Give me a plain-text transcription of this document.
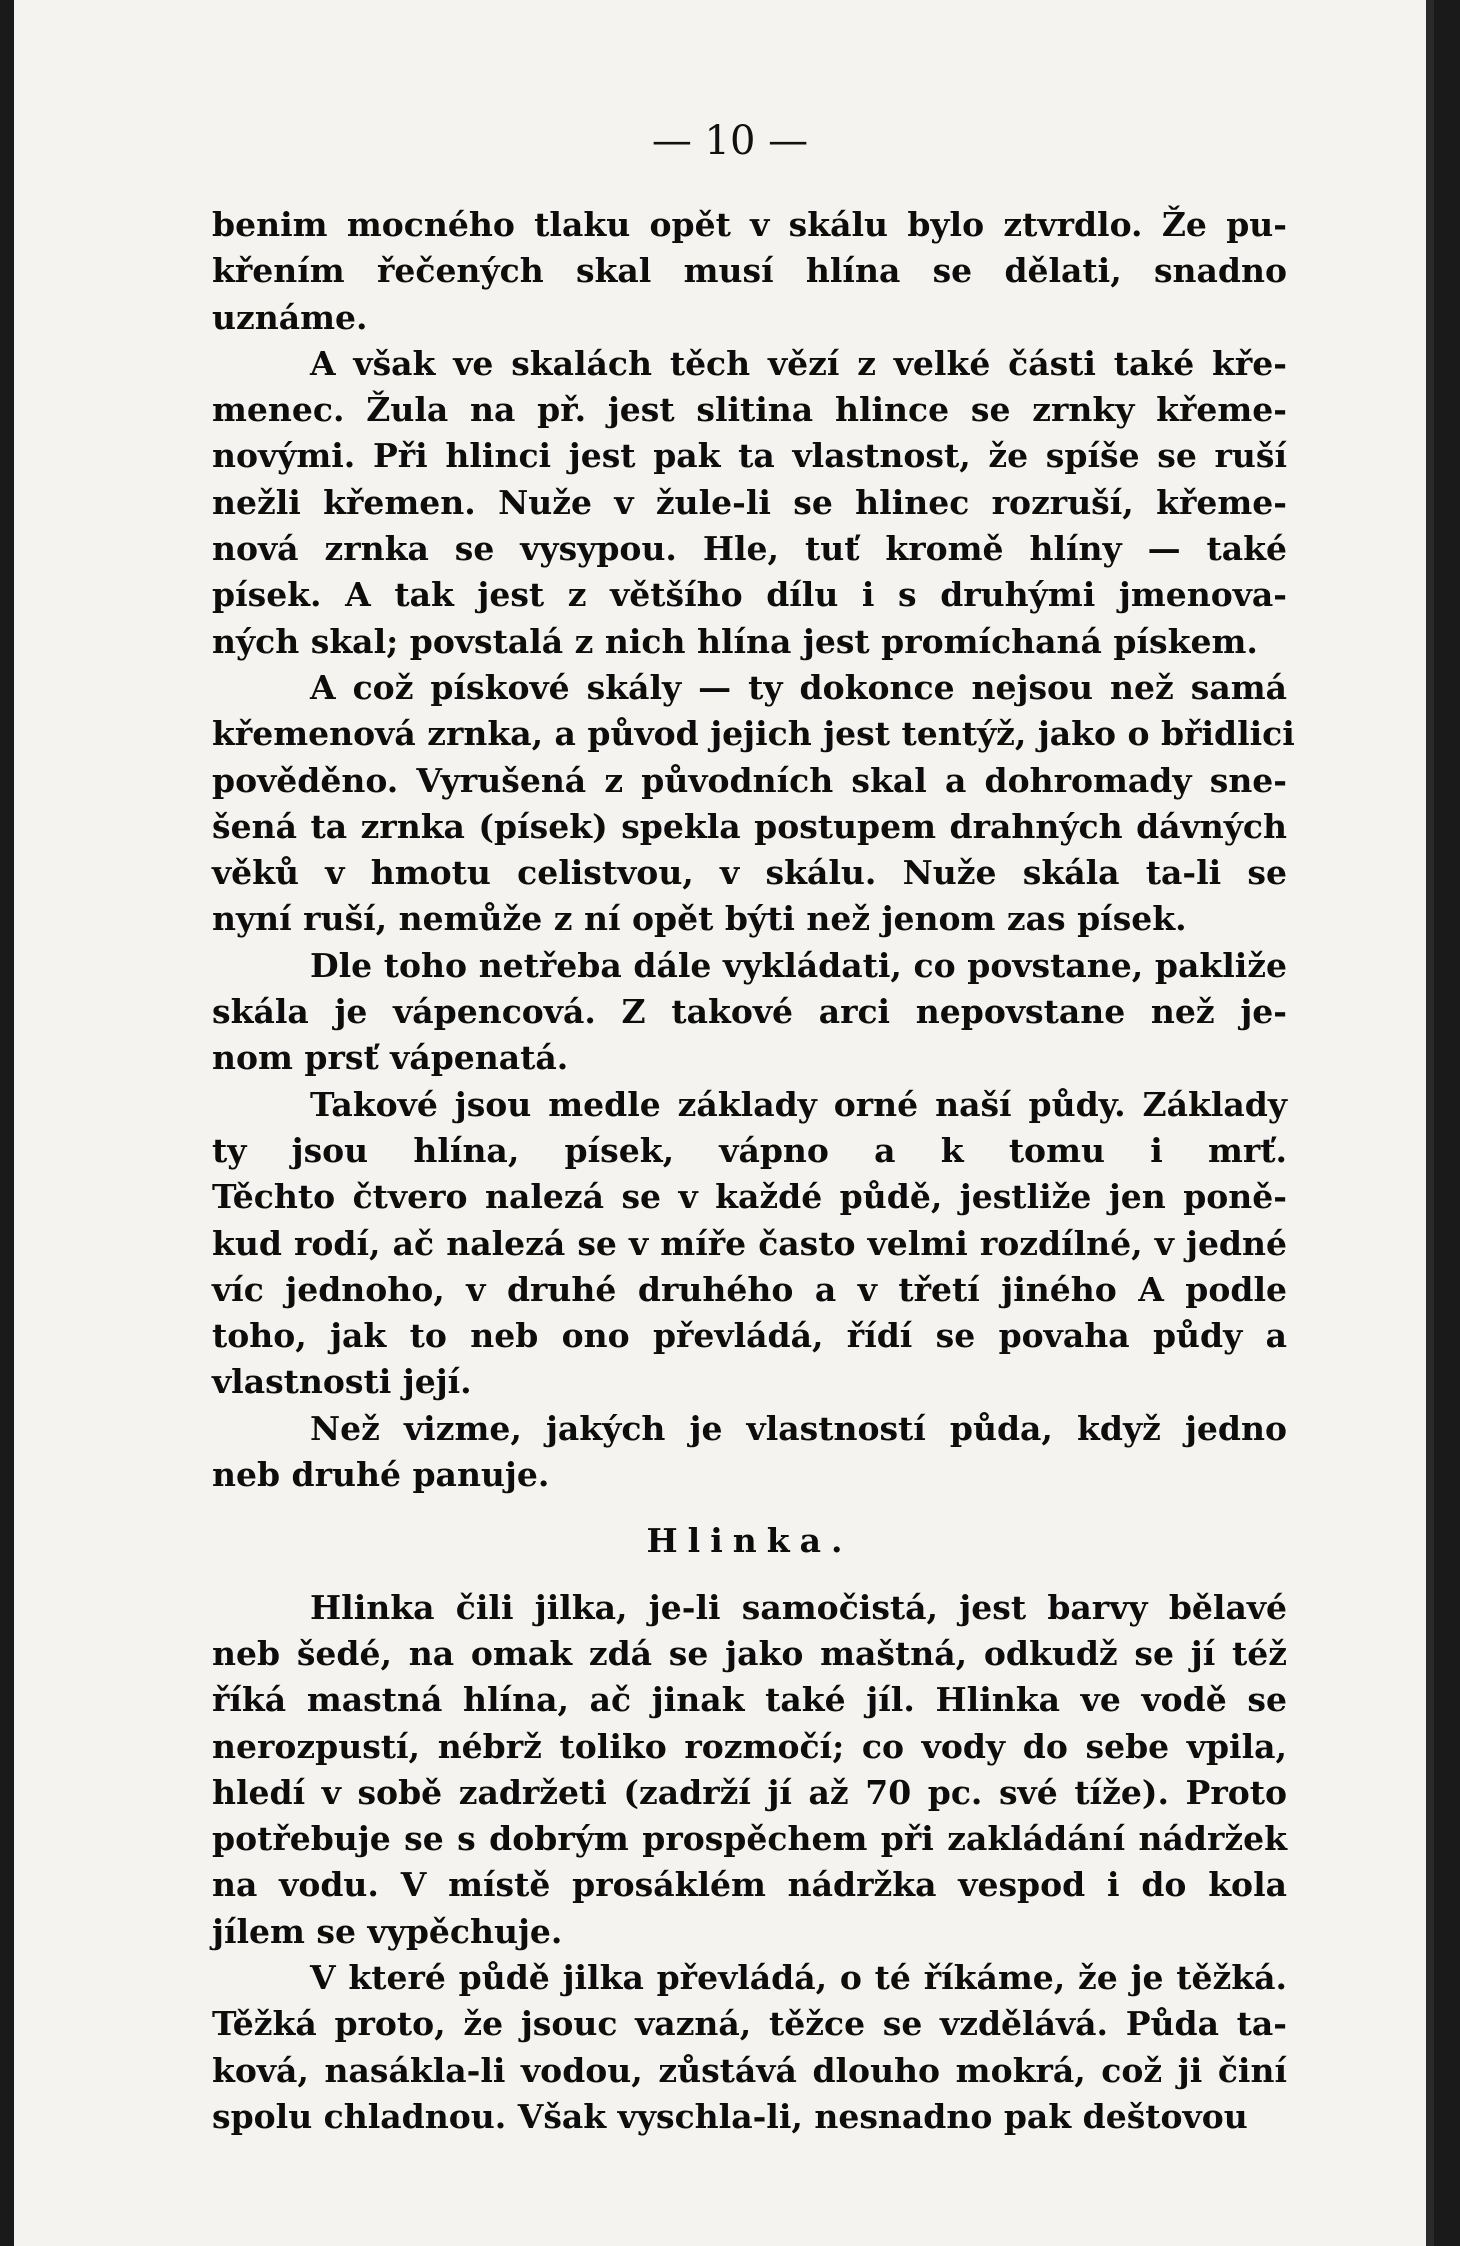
— 10 —
benim mocného tlaku opět v skálu bylo ztvrdlo. Že pu-
křením řečených skal musí hlína se dělati, snadno
uznáme.
A však ve skalách těch vězí z velké části také kře-
menec. Žula na př. jest slitina hlince se zrnky křeme-
novými. Při hlinci jest pak ta vlastnost, že spíše se ruší
nežli křemen. Nuže v žule-li se hlinec rozruší, křeme-
nová zrnka se vysypou. Hle, tuť kromě hlíny — také
písek. A tak jest z většího dílu i s druhými jmenova-
ných skal; povstalá z nich hlína jest promíchaná pískem.
A což pískové skály — ty dokonce nejsou než samá
křemenová zrnka, a původ jejich jest tentýž, jako o břidlici
pověděno. Vyrušená z původních skal a dohromady sne-
šená ta zrnka (písek) spekla postupem drahných dávných
věků v hmotu celistvou, v skálu. Nuže skála ta-li se
nyní ruší, nemůže z ní opět býti než jenom zas písek.
Dle toho netřeba dále vykládati, co povstane, pakliže
skála je vápencová. Z takové arci nepovstane než je-
nom prsť vápenatá.
Takové jsou medle základy orné naší půdy. Základy
ty jsou hlína, písek, vápno a k tomu i mrť.
Těchto čtvero nalezá se v každé půdě, jestliže jen poně-
kud rodí, ač nalezá se v míře často velmi rozdílné, v jedné
víc jednoho, v druhé druhého a v třetí jiného A podle
toho, jak to neb ono převládá, řídí se povaha půdy a
vlastnosti její.
Než vizme, jakých je vlastností půda, když jedno
neb druhé panuje.
Hlinka.
Hlinka čili jilka, je-li samočistá, jest barvy bělavé
neb šedé, na omak zdá se jako maštná, odkudž se jí též
říká mastná hlína, ač jinak také jíl. Hlinka ve vodě se
nerozpustí, nébrž toliko rozmočí; co vody do sebe vpila,
hledí v sobě zadržeti (zadrží jí až 70 pc. své tíže). Proto
potřebuje se s dobrým prospěchem při zakládání nádržek
na vodu. V místě prosáklém nádržka vespod i do kola
jílem se vypěchuje.
V které půdě jilka převládá, o té říkáme, že je těžká.
Těžká proto, že jsouc vazná, těžce se vzdělává. Půda ta-
ková, nasákla-li vodou, zůstává dlouho mokrá, což ji činí
spolu chladnou. Však vyschla-li, nesnadno pak deštovou
